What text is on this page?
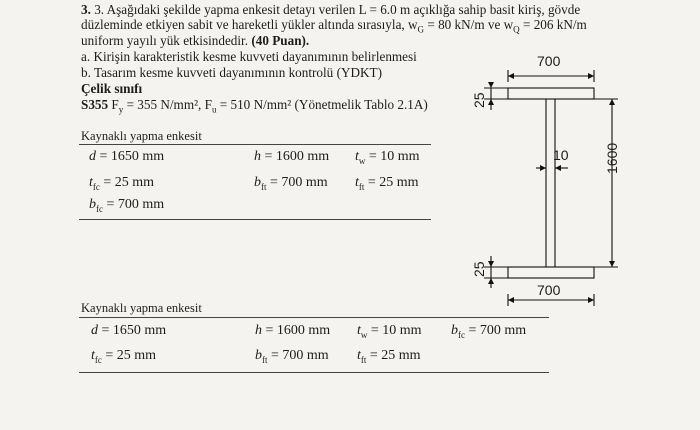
3. 3. Aşağıdaki şekilde yapma enkesit detayı verilen L = 6.0 m açıklığa sahip basit kiriş, gövde
düzleminde etkiyen sabit ve hareketli yükler altında sırasıyla, $w_G = 80$ kN/m ve $w_Q = 206$ kN/m
uniform yayılı yük etkisindedir. (40 Puan).
a. Kirişin karakteristik kesme kuvveti dayanımının belirlenmesi
b. Tasarım kesme kuvveti dayanımının kontrolü (YDKT)
Çelik sınıfı
S355 $F_y = 355$ N/mm², $F_u = 510$ N/mm² (Yönetmelik Tablo 2.1A)
Kaynaklı yapma enkesit
d = 1650 mm	h = 1600 mm $t_w = 10$ mm
$t_{fc} = 25$ mm	$b_{ft} = 700$ mm $t_{ft} = 25$ mm
$b_{fc} = 700$ mm
Kaynaklı yapma enkesit
d = 1650 mm	h = 1600 mm $t_w = 10$ mm $b_{fc} = 700$ mm
$t_{fc} = 25$ mm	$b_{ft} = 700$ mm $t_{ft} = 25$ mm
700
700
10	1600
25
25
